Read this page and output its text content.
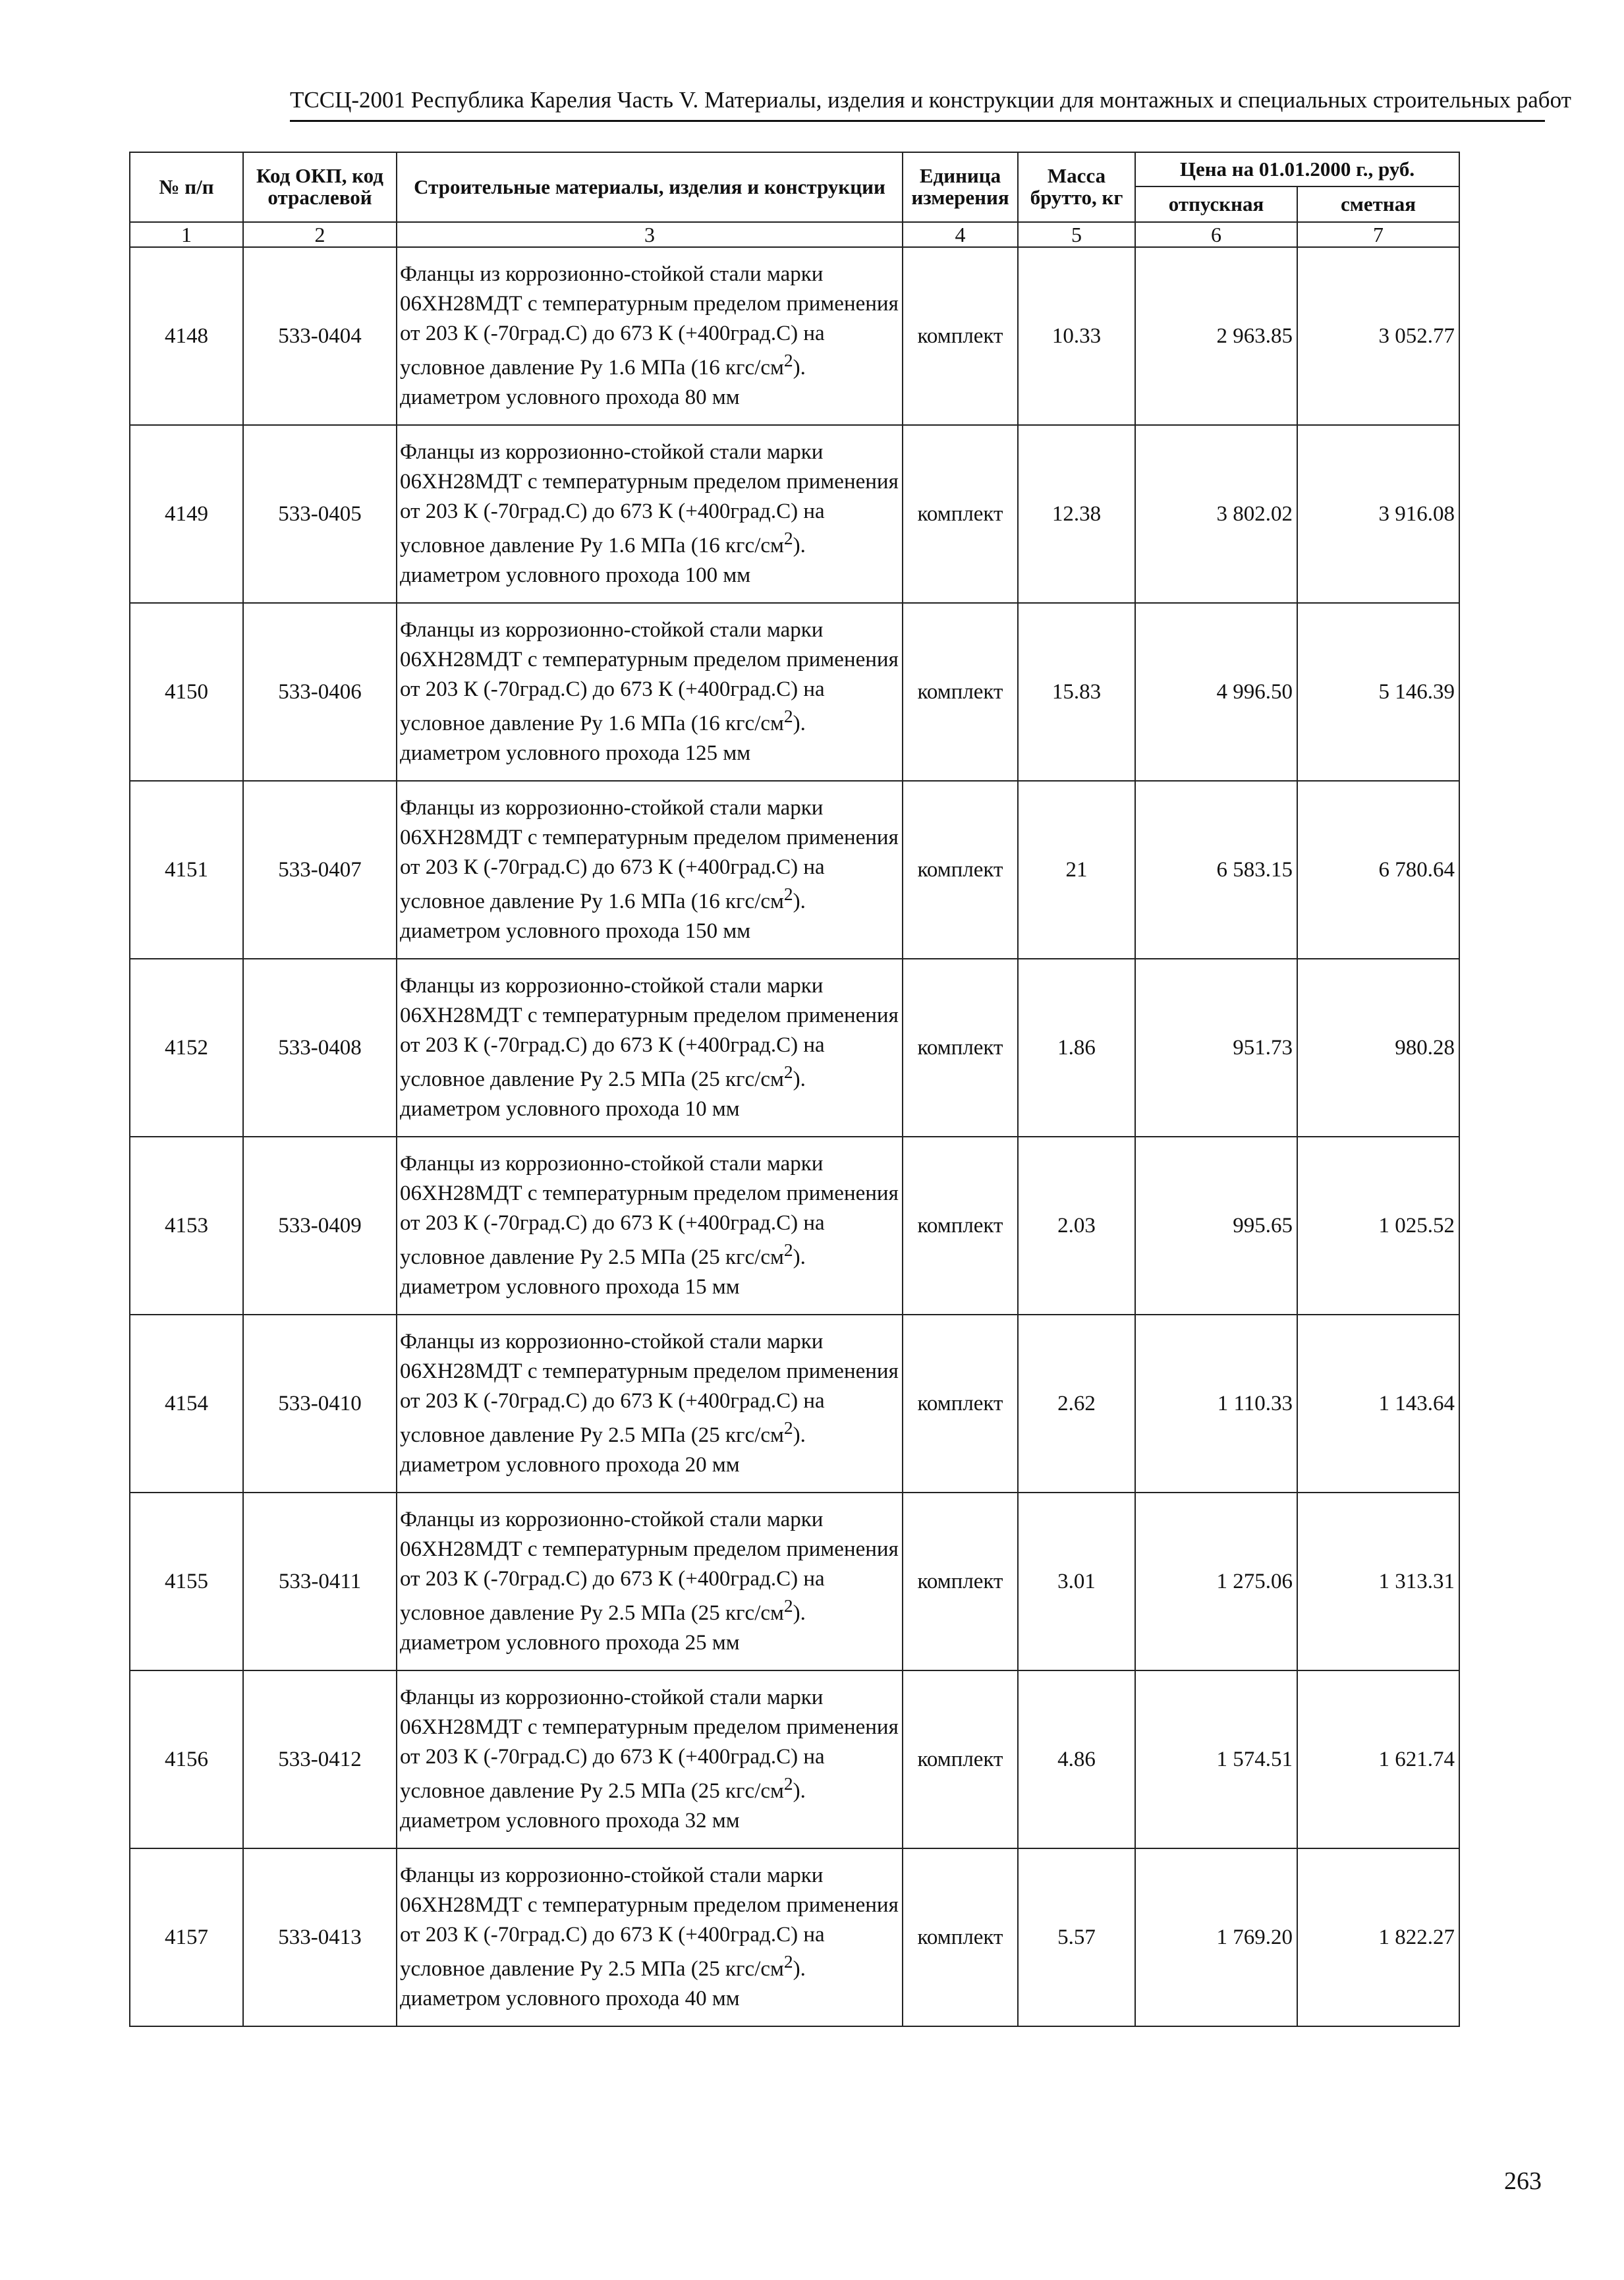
ТССЦ-2001 Республика Карелия Часть V. Материалы, изделия и конструкции для монтажных и специальных строительных работ
№ п/п	Код ОКП, код отраслевой	Строительные материалы, изделия и конструкции	Единица измерения	Масса брутто, кг	Цена на 01.01.2000 г., руб.	
					отпускная	сметная
1	2	3	4	5	6	7
4148	533-0404	Фланцы из коррозионно-стойкой стали марки 06ХН28МДТ с температурным пределом применения от 203 К (-70град.С) до 673 К (+400град.С) на условное давление Ру 1.6 МПа (16 кгс/$см^2$). диаметром условного прохода 80 мм	комплект	10.33	2 963.85	3 052.77
4149	533-0405	Фланцы из коррозионно-стойкой стали марки 06ХН28МДТ с температурным пределом применения от 203 К (-70град.С) до 673 К (+400град.С) на условное давление Ру 1.6 МПа (16 кгс/$см^2$). диаметром условного прохода 100 мм	комплект	12.38	3 802.02	3 916.08
4150	533-0406	Фланцы из коррозионно-стойкой стали марки 06ХН28МДТ с температурным пределом применения от 203 К (-70град.С) до 673 К (+400град.С) на условное давление Ру 1.6 МПа (16 кгс/$см^2$). диаметром условного прохода 125 мм	комплект	15.83	4 996.50	5 146.39
4151	533-0407	Фланцы из коррозионно-стойкой стали марки 06ХН28МДТ с температурным пределом применения от 203 К (-70град.С) до 673 К (+400град.С) на условное давление Ру 1.6 МПа (16 кгс/$см^2$). диаметром условного прохода 150 мм	комплект	21	6 583.15	6 780.64
4152	533-0408	Фланцы из коррозионно-стойкой стали марки 06ХН28МДТ с температурным пределом применения от 203 К (-70град.С) до 673 К (+400град.С) на условное давление Ру 2.5 МПа (25 кгс/$см^2$). диаметром условного прохода 10 мм	комплект	1.86	951.73	980.28
4153	533-0409	Фланцы из коррозионно-стойкой стали марки 06ХН28МДТ с температурным пределом применения от 203 К (-70град.С) до 673 К (+400град.С) на условное давление Ру 2.5 МПа (25 кгс/$см^2$). диаметром условного прохода 15 мм	комплект	2.03	995.65	1 025.52
4154	533-0410	Фланцы из коррозионно-стойкой стали марки 06ХН28МДТ с температурным пределом применения от 203 К (-70град.С) до 673 К (+400град.С) на условное давление Ру 2.5 МПа (25 кгс/$см^2$). диаметром условного прохода 20 мм	комплект	2.62	1 110.33	1 143.64
4155	533-0411	Фланцы из коррозионно-стойкой стали марки 06ХН28МДТ с температурным пределом применения от 203 К (-70град.С) до 673 К (+400град.С) на условное давление Ру 2.5 МПа (25 кгс/$см^2$). диаметром условного прохода 25 мм	комплект	3.01	1 275.06	1 313.31
4156	533-0412	Фланцы из коррозионно-стойкой стали марки 06ХН28МДТ с температурным пределом применения от 203 К (-70град.С) до 673 К (+400град.С) на условное давление Ру 2.5 МПа (25 кгс/$см^2$). диаметром условного прохода 32 мм	комплект	4.86	1 574.51	1 621.74
4157	533-0413	Фланцы из коррозионно-стойкой стали марки 06ХН28МДТ с температурным пределом применения от 203 К (-70град.С) до 673 К (+400град.С) на условное давление Ру 2.5 МПа (25 кгс/$см^2$). диаметром условного прохода 40 мм	комплект	5.57	1 769.20	1 822.27
263
